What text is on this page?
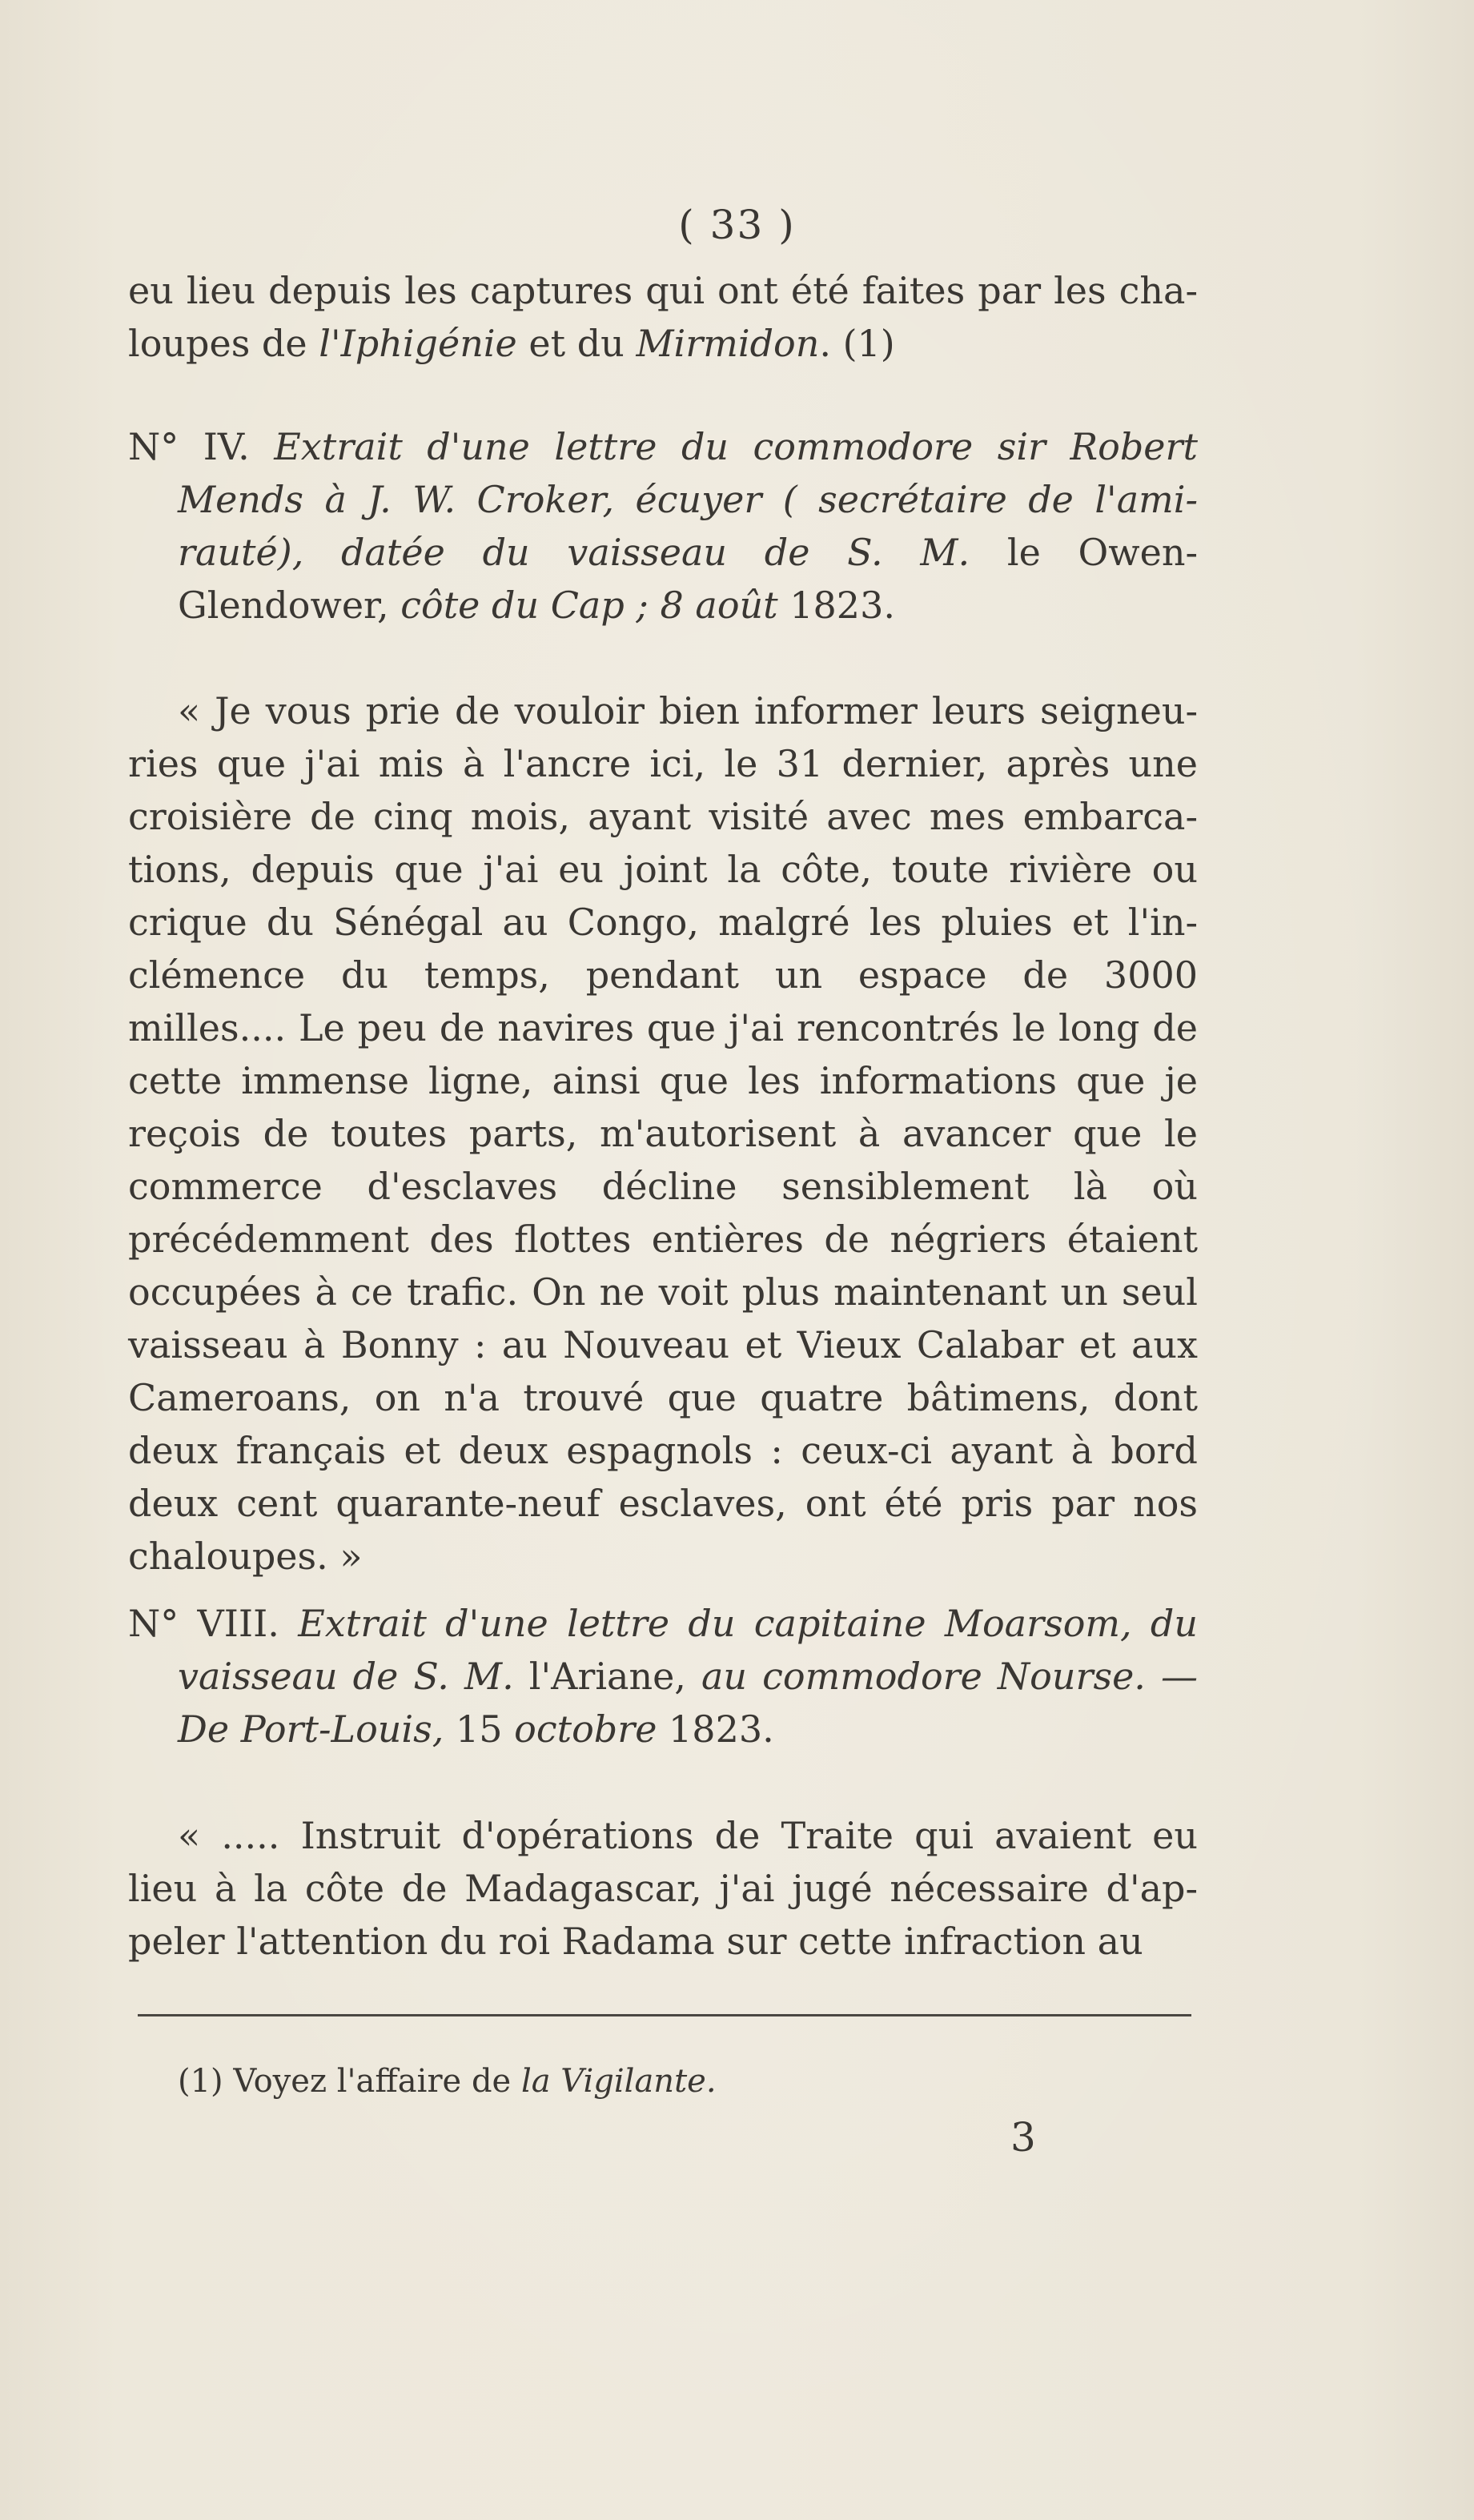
( 33 )

eu lieu depuis les captures qui ont été faites par les cha- loupes de l'Iphigénie et du Mirmidon. (1)

N° IV. Extrait d'une lettre du commodore sir Robert Mends à J. W. Croker, écuyer ( secrétaire de l'ami-rauté), datée du vaisseau de S. M. le Owen-Glendower, côte du Cap ; 8 août 1823.

« Je vous prie de vouloir bien informer leurs seigneu-ries que j'ai mis à l'ancre ici, le 31 dernier, après une croisière de cinq mois, ayant visité avec mes embarca-tions, depuis que j'ai eu joint la côte, toute rivière ou crique du Sénégal au Congo, malgré les pluies et l'in-clémence du temps, pendant un espace de 3000 milles.... Le peu de navires que j'ai rencontrés le long de cette immense ligne, ainsi que les informations que je reçois de toutes parts, m'autorisent à avancer que le commerce d'esclaves décline sensiblement là où précédemment des flottes entières de négriers étaient occupées à ce trafic. On ne voit plus maintenant un seul vaisseau à Bonny : au Nouveau et Vieux Calabar et aux Cameroans, on n'a trouvé que quatre bâtimens, dont deux français et deux espagnols : ceux-ci ayant à bord deux cent quarante-neuf esclaves, ont été pris par nos chaloupes. »

N° VIII. Extrait d'une lettre du capitaine Moarsom, du vaisseau de S. M. l'Ariane, au commodore Nourse. — De Port-Louis, 15 octobre 1823.

« ..... Instruit d'opérations de Traite qui avaient eu lieu à la côte de Madagascar, j'ai jugé nécessaire d'ap-peler l'attention du roi Radama sur cette infraction au

(1) Voyez l'affaire de la Vigilante.
3
